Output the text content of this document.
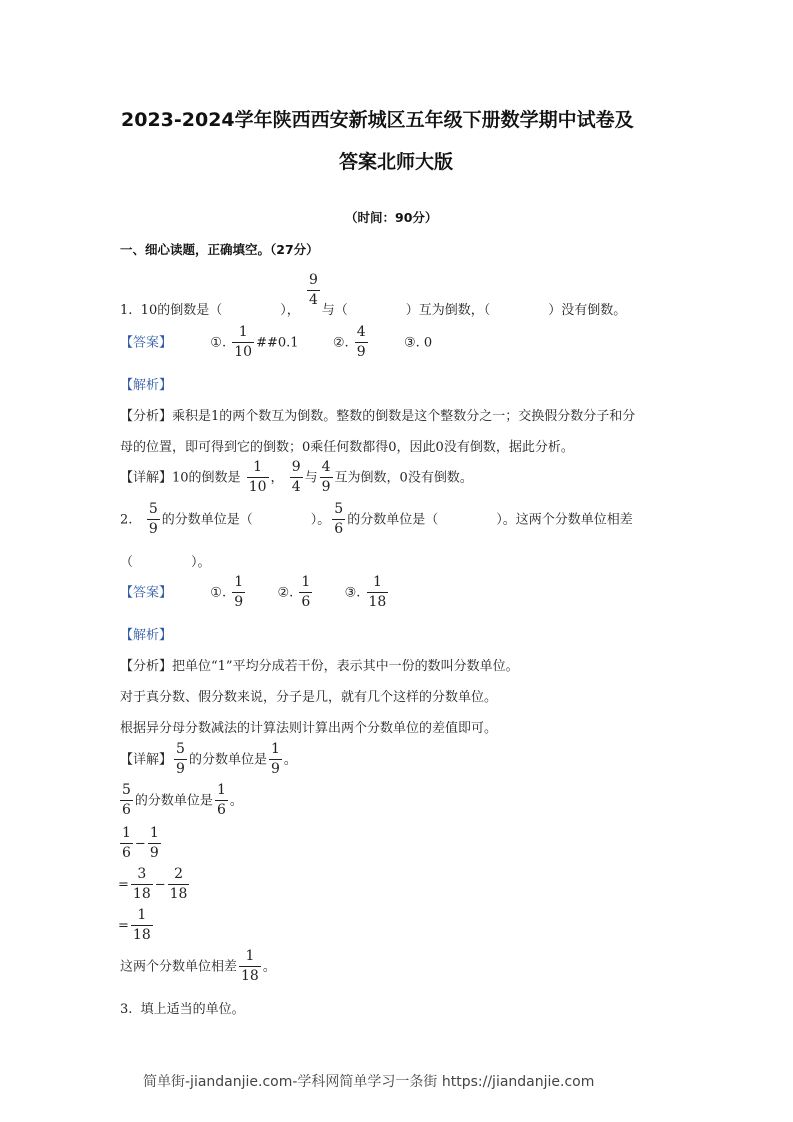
2023-2024学年陕西西安新城区五年级下册数学期中试卷及
答案北师大版
（时间：90分）
一、细心读题，正确填空。（27分）
$\frac{9}{4}$
1. 10的倒数是（	）， 与（	）互为倒数，（	）没有倒数。
【答案】	①. $\frac{1}{10}$ ##0.1	②. $\frac{4}{9}$	③. 0
【解析】
【分析】乘积是1的两个数互为倒数。整数的倒数是这个整数分之一；交换假分数分子和分
母的位置，即可得到它的倒数；0乘任何数都得0，因此0没有倒数，据此分析。
【详解】10的倒数是 $\frac{1}{10}$ ， $\frac{9}{4}$ 与 $\frac{4}{9}$ 互为倒数，0没有倒数。
2. $\frac{5}{9}$ 的分数单位是（	）。 $\frac{5}{6}$ 的分数单位是（	）。这两个分数单位相差
（	）。
【答案】	①. $\frac{1}{9}$ ②. $\frac{1}{6}$ ③. $\frac{1}{18}$
【解析】
【分析】把单位“1”平均分成若干份，表示其中一份的数叫分数单位。
对于真分数、假分数来说，分子是几，就有几个这样的分数单位。
根据异分母分数减法的计算法则计算出两个分数单位的差值即可。
【详解】 $\frac{5}{9}$ 的分数单位是 $\frac{1}{9}$ 。
$\frac{5}{6}$ 的分数单位是 $\frac{1}{6}$ 。
$\frac{1}{6} - \frac{1}{9}$
= $\frac{3}{18} - \frac{2}{18}$
= $\frac{1}{18}$
这两个分数单位相差 $\frac{1}{18}$ 。
3. 填上适当的单位。
简单街-jiandanjie.com-学科网简单学习一条街 https://jiandanjie.com
